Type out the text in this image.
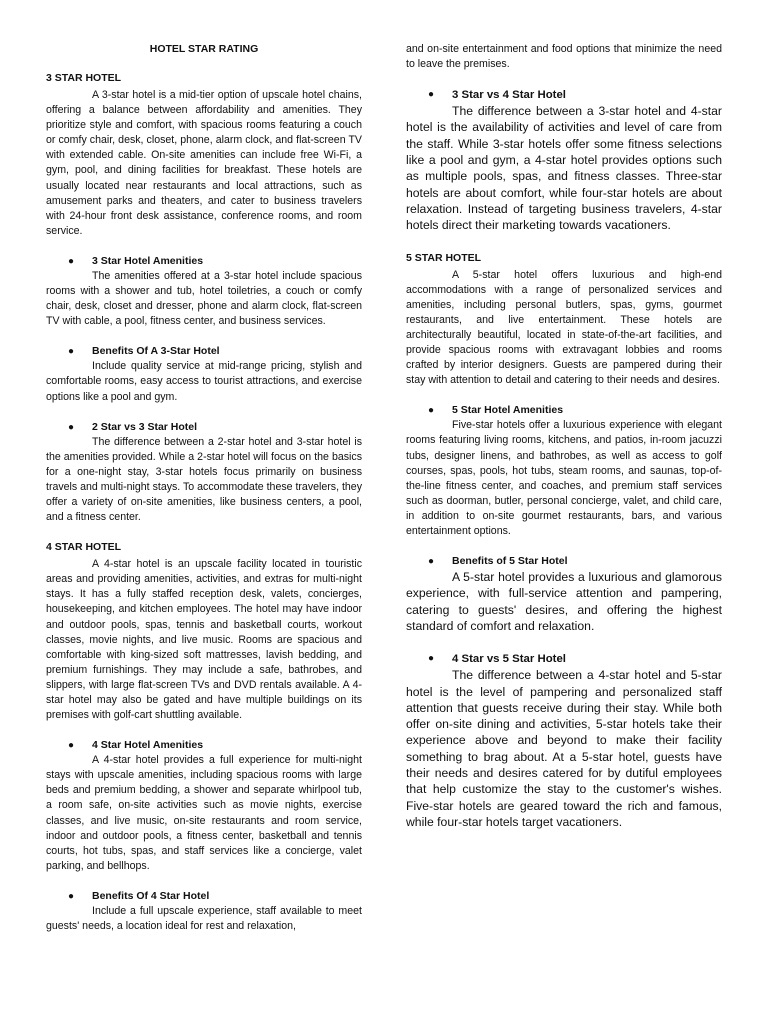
HOTEL STAR RATING
3 STAR HOTEL

A 3-star hotel is a mid-tier option of upscale hotel chains, offering a balance between affordability and amenities. They prioritize style and comfort, with spacious rooms featuring a couch or comfy chair, desk, closet, phone, alarm clock, and flat-screen TV with extended cable. On-site amenities can include free Wi-Fi, a gym, pool, and dining facilities for breakfast. These hotels are usually located near restaurants and local attractions, such as amusement parks and theaters, and cater to business travelers with 24-hour front desk assistance, conference rooms, and room service.

● 3 Star Hotel Amenities

The amenities offered at a 3-star hotel include spacious rooms with a shower and tub, hotel toiletries, a couch or comfy chair, desk, closet and dresser, phone and alarm clock, flat-screen TV with cable, a pool, fitness center, and business services.

● Benefits Of A 3-Star Hotel

Include quality service at mid-range pricing, stylish and comfortable rooms, easy access to tourist attractions, and exercise options like a pool and gym.

● 2 Star vs 3 Star Hotel

The difference between a 2-star hotel and 3-star hotel is the amenities provided. While a 2-star hotel will focus on the basics for a one-night stay, 3-star hotels focus primarily on business travels and multi-night stays. To accommodate these travelers, they offer a variety of on-site amenities, like business centers, a pool, and a fitness center.

4 STAR HOTEL

A 4-star hotel is an upscale facility located in touristic areas and providing amenities, activities, and extras for multi-night stays. It has a fully staffed reception desk, valets, concierges, housekeeping, and kitchen employees. The hotel may have indoor and outdoor pools, spas, tennis and basketball courts, workout classes, movie nights, and live music. Rooms are spacious and comfortable with king-sized soft mattresses, lavish bedding, and premium furnishings. They may include a safe, bathrobes, and slippers, with large flat-screen TVs and DVD rentals available. A 4-star hotel may also be gated and have multiple buildings on its premises with golf-cart shuttling available.

● 4 Star Hotel Amenities

A 4-star hotel provides a full experience for multi-night stays with upscale amenities, including spacious rooms with large beds and premium bedding, a shower and separate whirlpool tub, a room safe, on-site activities such as movie nights, exercise classes, and live music, on-site restaurants and room service, indoor and outdoor pools, a fitness center, basketball and tennis courts, hot tubs, spas, and staff services like a concierge, valet parking, and bellhops.

● Benefits Of 4 Star Hotel

Include a full upscale experience, staff available to meet guests' needs, a location ideal for rest and relaxation,

and on-site entertainment and food options that minimize the need to leave the premises.

● 3 Star vs 4 Star Hotel

The difference between a 3-star hotel and 4-star hotel is the availability of activities and level of care from the staff. While 3-star hotels offer some fitness selections like a pool and gym, a 4-star hotel provides options such as multiple pools, spas, and fitness classes. Three-star hotels are about comfort, while four-star hotels are about relaxation. Instead of targeting business travelers, 4-star hotels direct their marketing towards vacationers.

5 STAR HOTEL

A 5-star hotel offers luxurious and high-end accommodations with a range of personalized services and amenities, including personal butlers, spas, gyms, gourmet restaurants, and live entertainment. These hotels are architecturally beautiful, located in state-of-the-art facilities, and provide spacious rooms with extravagant lobbies and rooms crafted by interior designers. Guests are pampered during their stay with attention to detail and catering to their needs and desires.

● 5 Star Hotel Amenities

Five-star hotels offer a luxurious experience with elegant rooms featuring living rooms, kitchens, and patios, in-room jacuzzi tubs, designer linens, and bathrobes, as well as access to golf courses, spas, pools, hot tubs, steam rooms, and saunas, top-of-the-line fitness center, and coaches, and premium staff services such as doorman, butler, personal concierge, valet, and child care, in addition to on-site gourmet restaurants, bars, and various entertainment options.

● Benefits of 5 Star Hotel

A 5-star hotel provides a luxurious and glamorous experience, with full-service attention and pampering, catering to guests' desires, and offering the highest standard of comfort and relaxation.

● 4 Star vs 5 Star Hotel

The difference between a 4-star hotel and 5-star hotel is the level of pampering and personalized staff attention that guests receive during their stay. While both offer on-site dining and activities, 5-star hotels take their experience above and beyond to make their facility something to brag about. At a 5-star hotel, guests have their needs and desires catered for by dutiful employees that help customize the stay to the customer's wishes. Five-star hotels are geared toward the rich and famous, while four-star hotels target vacationers.
